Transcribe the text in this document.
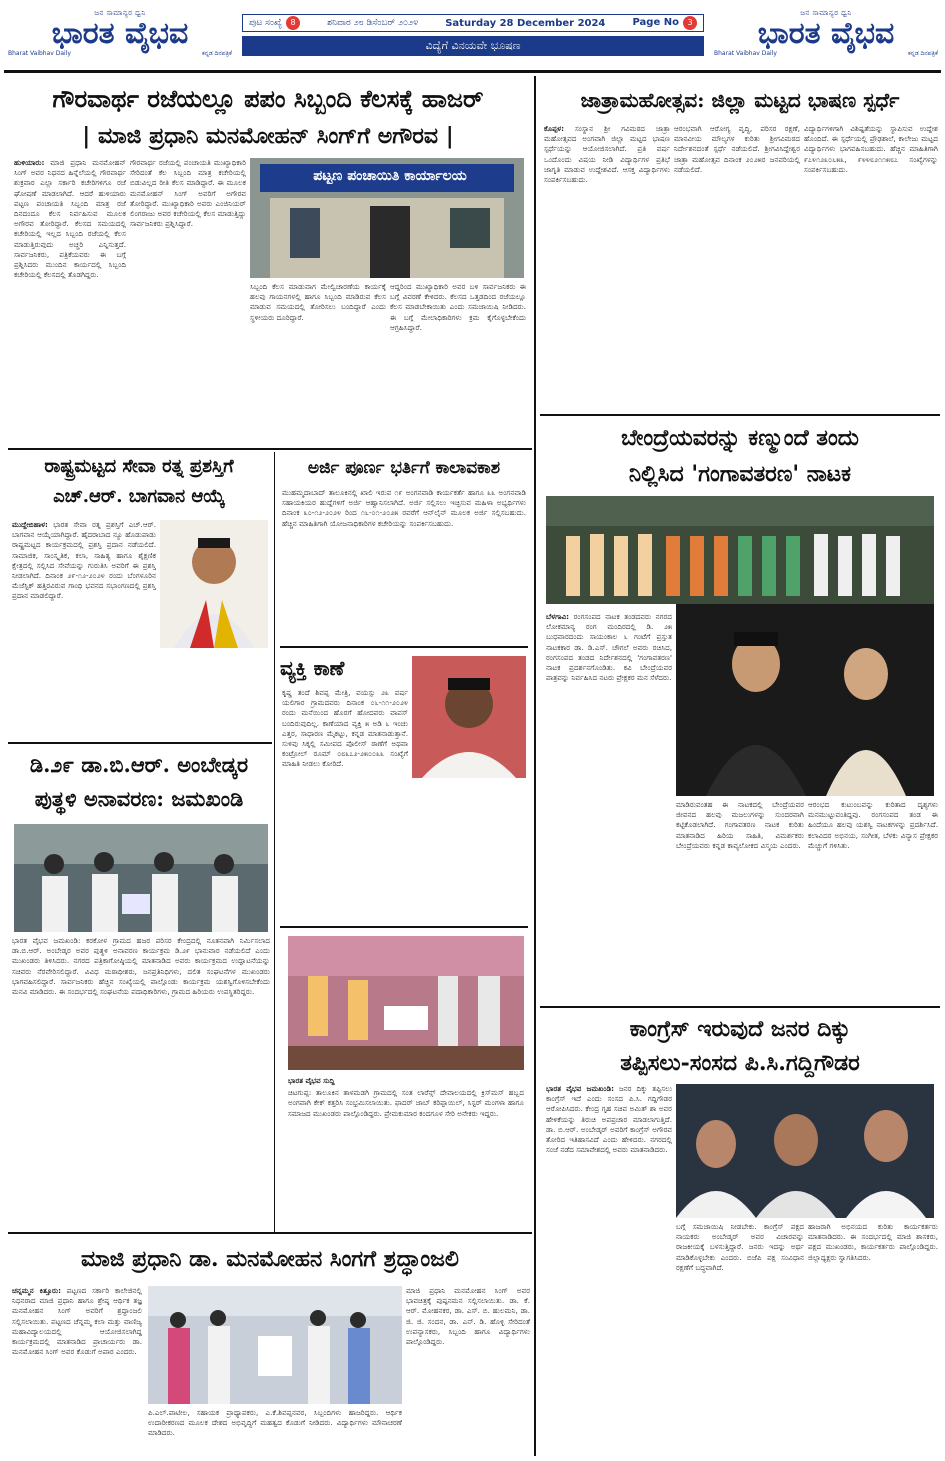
ಜನ ಸಾಮಾನ್ಯರ ಧ್ವನಿ
ಭಾರತ ವೈಭವ
Bharat Vaibhav Daily	ಕನ್ನಡ ದಿನಪತ್ರಿಕೆ
ಪುಟ ಸಂಖ್ಯೆ 8	ಶನಿವಾರ ೨೮ ಡಿಸೆಂಬರ್ ೨೦೨೪	Saturday 28 December 2024	Page No 3
ವಿದ್ಯೆಗೆ ವಿನಯವೇ ಭೂಷಣ
ಜನ ಸಾಮಾನ್ಯರ ಧ್ವನಿ
ಭಾರತ ವೈಭವ
Bharat Vaibhav Daily	ಕನ್ನಡ ದಿನಪತ್ರಿಕೆ
ಗೌರವಾರ್ಥ ರಜೆಯಲ್ಲೂ ಪಪಂ ಸಿಬ್ಬಂದಿ ಕೆಲಸಕ್ಕೆ ಹಾಜರ್
| ಮಾಜಿ ಪ್ರಧಾನಿ ಮನಮೋಹನ್ ಸಿಂಗ್‌ಗೆ ಅಗೌರವ |

ಹುಳಿಯಾರು: ಮಾಜಿ ಪ್ರಧಾನಿ ಮನಮೋಹನ್ ಸಿಂಗ್ ಅವರ ನಿಧನದ ಹಿನ್ನೆಲೆಯಲ್ಲಿ ಗೌರವಾರ್ಥ ಶುಕ್ರವಾರ ಎಲ್ಲಾ ಸರ್ಕಾರಿ ಕಚೇರಿಗಳಿಗೂ ರಜೆ ಘೋಷಣೆ ಮಾಡಲಾಗಿದೆ. ಆದರೆ ಹುಳಿಯಾರು ಪಟ್ಟಣ ಪಂಚಾಯತಿ ಸಿಬ್ಬಂದಿ ಮಾತ್ರ ರಜೆ ದಿನದಂದೂ ಕೆಲಸ ನಿರ್ವಹಿಸುವ ಮೂಲಕ ಅಗೌರವ ತೋರಿದ್ದಾರೆ. ಕೆಲಸದ ಸಮಯದಲ್ಲಿ ಕಚೇರಿಯಲ್ಲಿ ಇಲ್ಲದ ಸಿಬ್ಬಂದಿ ರಜೆಯಲ್ಲಿ ಕೆಲಸ ಮಾಡುತ್ತಿರುವುದು ಅಚ್ಚರಿ ಎನ್ನಿಸುತ್ತದೆ. ಸಾರ್ವಜನಿಕರು, ಪತ್ರಿಕೆಯವರು ಈ ಬಗ್ಗೆ ಪ್ರಶ್ನಿಸಿದರು ಮುಂದಿನ ಕಾರ್ಯದಲ್ಲಿ ಸಿಬ್ಬಂದಿ ಕಚೇರಿಯಲ್ಲಿ ಕೆಲಸದಲ್ಲಿ ತೊಡಗಿದ್ದರು.

ಗೌರವಾರ್ಥ ರಜೆಯಲ್ಲಿ ಪಂಚಾಯತಿ ಮುಖ್ಯಾಧಿಕಾರಿ ಸೇರಿದಂತೆ ಕೆಲ ಸಿಬ್ಬಂದಿ ಮಾತ್ರ ಕಚೇರಿಯಲ್ಲಿ ಬಿಡುವಿಲ್ಲದ ರೀತಿ ಕೆಲಸ ಮಾಡಿದ್ದಾರೆ. ಈ ಮೂಲಕ ಮನಮೋಹನ್ ಸಿಂಗ್ ಅವರಿಗೆ ಅಗೌರವ ತೋರಿದ್ದಾರೆ. ಮುಖ್ಯಾಧಿಕಾರಿ ಅವರು ಎಂಜಿನಿಯರ್ ಲಿಂಗರಾಜು ಅವರ ಕಚೇರಿಯಲ್ಲಿ ಕೆಲಸ ಮಾಡುತ್ತಿದ್ದು ಸಾರ್ವಜನಿಕರು ಪ್ರಶ್ನಿಸಿದ್ದಾರೆ.

ಪಟ್ಟಣ ಪಂಚಾಯಿತಿ ಕಾರ್ಯಾಲಯ

ಸಿಬ್ಬಂದಿ ಕೆಲಸ ಮಾಡುವಾಗ ಮೇಲ್ವಿಚಾರಣೆಯ ಕಾರ್ಯಕ್ಕೆ ಹಲವು ಗಾಯನಗಳಲ್ಲಿ ಹಾಗೂ ಸಿಬ್ಬಂದಿ ಮಾಡಿರುವ ಕೆಲಸ ಮಾಡುವ ಸಮಯದಲ್ಲಿ ತೋರಿಸಲು ಬಂದಿದ್ದಾರೆ ಎಂದು ಸ್ಥಳೀಯರು ದೂರಿದ್ದಾರೆ.

ಆದ್ದರಿಂದ ಮುಖ್ಯಾಧಿಕಾರಿ ಅವರ ಬಳಿ ಸಾರ್ವಜನಿಕರು ಈ ಬಗ್ಗೆ ವಿವರಣೆ ಕೇಳಿದರು. ಕೆಲಸದ ಒತ್ತಡದಿಂದ ರಜೆಯಲ್ಲೂ ಕೆಲಸ ಮಾಡಬೇಕಾಯಿತು ಎಂದು ಸಮಜಾಯಿಷಿ ನೀಡಿದರು. ಈ ಬಗ್ಗೆ ಮೇಲಾಧಿಕಾರಿಗಳು ಕ್ರಮ ಕೈಗೊಳ್ಳಬೇಕೆಂದು ಆಗ್ರಹಿಸಿದ್ದಾರೆ.

ಜಾತ್ರಾಮಹೋತ್ಸವ: ಜಿಲ್ಲಾ ಮಟ್ಟದ ಭಾಷಣ ಸ್ಪರ್ಧೆ

ಕೊಪ್ಪಳ: ಸಂಸ್ಥಾನ ಶ್ರೀ ಗವಿಮಠದ ಜಾತ್ರಾ ಮಹೋತ್ಸವದ ಅಂಗವಾಗಿ ಜಿಲ್ಲಾ ಮಟ್ಟದ ಭಾಷಣ ಸ್ಪರ್ಧೆಯನ್ನು ಆಯೋಜಿಸಲಾಗಿದೆ. ಪ್ರತಿ ವರ್ಷ ಒಂದೊಂದು ವಿಷಯ ನೀಡಿ ವಿದ್ಯಾರ್ಥಿಗಳ ಪ್ರತಿಭೆ ಜಾಗೃತಿ ಮಾಡುವ ಉದ್ದೇಶವಿದೆ. ಆಸಕ್ತ ವಿದ್ಯಾರ್ಥಿಗಳು ಸಂಪರ್ಕಿಸಬಹುದು.

ಆರಂಭವಾಗಿ ಆರೋಗ್ಯ ವೃದ್ಧಿ, ಪರಿಸರ ರಕ್ಷಣೆ, ಮಾನವೀಯ ಮೌಲ್ಯಗಳ ಕುರಿತು ಶ್ರೀಗವಿಮಠದ ನಿರ್ದೇಶನದಂತೆ ಸ್ಪರ್ಧೆ ನಡೆಯಲಿದೆ. ಶ್ರೀಗವಿಸಿದ್ದೇಶ್ವರ ಜಾತ್ರಾ ಮಹೋತ್ಸವ ದಿನಾಂಕ ೨೦೨೫ರ ಜನವರಿಯಲ್ಲಿ ನಡೆಯಲಿದೆ.

ವಿದ್ಯಾರ್ಥಿಗಳಿಗಾಗಿ ವಿಶಿಷ್ಟತೆಯನ್ನು ಸ್ಥಾಪಿಸುವ ಉದ್ದೇಶ ಹೊಂದಿದೆ. ಈ ಸ್ಪರ್ಧೆಯಲ್ಲಿ ಪ್ರೌಢಶಾಲೆ, ಕಾಲೇಜು ಮಟ್ಟದ ವಿದ್ಯಾರ್ಥಿಗಳು ಭಾಗವಹಿಸಬಹುದು. ಹೆಚ್ಚಿನ ಮಾಹಿತಿಗಾಗಿ ೯೭೪೧೨೩೦೬೫೩, ೯೪೪೮೨೧೧೫೮೭ ಸಂಖ್ಯೆಗಳನ್ನು ಸಂಪರ್ಕಿಸಬಹುದು.

ರಾಷ್ಟ್ರಮಟ್ಟದ ಸೇವಾ ರತ್ನ ಪ್ರಶಸ್ತಿಗೆ ಎಚ್.ಆರ್. ಬಾಗವಾನ ಆಯ್ಕೆ

ಮುದ್ದೇಬಿಹಾಳ: ಭಾರತ ಸೇವಾ ರತ್ನ ಪ್ರಶಸ್ತಿಗೆ ಎಚ್.ಆರ್. ಬಾಗವಾನ ಆಯ್ಕೆಯಾಗಿದ್ದಾರೆ. ಹೈದರಾಬಾದ ನ್ಯೂ ಹೊಡುಪಾಡು ರಾಷ್ಟ್ರಮಟ್ಟದ ಕಾರ್ಯಕ್ರಮದಲ್ಲಿ ಪ್ರಶಸ್ತಿ ಪ್ರದಾನ ನಡೆಯಲಿದೆ. ಸಾಮಾಜಿಕ, ಸಾಂಸ್ಕೃತಿಕ, ಕಲಾ, ಸಾಹಿತ್ಯ ಹಾಗೂ ಶೈಕ್ಷಣಿಕ ಕ್ಷೇತ್ರದಲ್ಲಿ ಸಲ್ಲಿಸಿದ ಸೇವೆಯನ್ನು ಗುರುತಿಸಿ ಅವರಿಗೆ ಈ ಪ್ರಶಸ್ತಿ ನೀಡಲಾಗಿದೆ. ದಿನಾಂಕ ೨೯-೧೨-೨೦೨೪ ರಂದು ಬೆಂಗಳೂರಿನ ಮೆಜೆಸ್ಟಿಕ್ ಹತ್ತಿರವಿರುವ ಗಾಂಧಿ ಭವನದ ಸಭಾಂಗಣದಲ್ಲಿ ಪ್ರಶಸ್ತಿ ಪ್ರದಾನ ಮಾಡಲಿದ್ದಾರೆ.

ಅರ್ಜಿ ಪೂರ್ಣ ಭರ್ತಿಗೆ ಕಾಲಾವಕಾಶ

ಮುಹಮ್ಮದಾಬಾದ್ ತಾಲೂಕಿನಲ್ಲಿ ಖಾಲಿ ಇರುವ ೧೯ ಅಂಗನವಾಡಿ ಕಾರ್ಯಕರ್ತೆ ಹಾಗೂ ೩೩ ಅಂಗನವಾಡಿ ಸಹಾಯಕಿಯರ ಹುದ್ದೆಗಳಿಗೆ ಅರ್ಜಿ ಆಹ್ವಾನಿಸಲಾಗಿದೆ. ಅರ್ಜಿ ಸಲ್ಲಿಸಲು ಇಚ್ಛಿಸುವ ಮಹಿಳಾ ಅಭ್ಯರ್ಥಿಗಳು ದಿನಾಂಕ ೩೦-೧೨-೨೦೨೪ ರಿಂದ ೧೬-೦೧-೨೦೨೫ ರವರೆಗೆ ಆನ್‌ಲೈನ್ ಮೂಲಕ ಅರ್ಜಿ ಸಲ್ಲಿಸಬಹುದು. ಹೆಚ್ಚಿನ ಮಾಹಿತಿಗಾಗಿ ಯೋಜನಾಧಿಕಾರಿಗಳ ಕಚೇರಿಯನ್ನು ಸಂಪರ್ಕಿಸಬಹುದು.

ವ್ಯಕ್ತಿ ಕಾಣೆ

ಕೃಷ್ಣ ತಂದೆ ಶಿವಪ್ಪ ಮೇತ್ರಿ, ವಯಸ್ಸು ೨೩ ವರ್ಷ ಯಲಿಗಾರ ಗ್ರಾಮದವರು ದಿನಾಂಕ ೦೬-೧೧-೨೦೨೪ ರಂದು ಮನೆಯಿಂದ ಹೊರಗೆ ಹೋದವರು ವಾಪಸ್ ಬಂದಿರುವುದಿಲ್ಲ. ಕಾಣೆಯಾದ ವ್ಯಕ್ತಿ ೫ ಅಡಿ ೬ ಇಂಚು ಎತ್ತರ, ಸಾಧಾರಣ ಮೈಕಟ್ಟು, ಕನ್ನಡ ಮಾತನಾಡುತ್ತಾನೆ. ಸುಳಿವು ಸಿಕ್ಕಲ್ಲಿ ಸಮೀಪದ ಪೊಲೀಸ್ ಠಾಣೆಗೆ ಅಥವಾ ಕಂಟ್ರೋಲ್ ರೂಮ್ ೦೮೩೭೨-೨೫೦೦೩೩ ಸಂಖ್ಯೆಗೆ ಮಾಹಿತಿ ನೀಡಲು ಕೋರಿದೆ.

ಡಿ.೨೯ ಡಾ.ಬಿ.ಆರ್. ಅಂಬೇಡ್ಕರ
ಪುತ್ಥಳಿ ಅನಾವರಣ: ಜಮಖಂಡಿ

ಭಾರತ ವೈಭವ ಜಮಖಂಡಿ: ಕರಕೋಳ ಗ್ರಾಮದ ಹಜರ ಪರಿಸರ ಕೇಂದ್ರದಲ್ಲಿ ನೂತನವಾಗಿ ನಿರ್ಮಿಸಲಾದ ಡಾ.ಬಿ.ಆರ್. ಅಂಬೇಡ್ಕರ ಅವರ ಪುತ್ಥಳಿ ಅನಾವರಣ ಕಾರ್ಯಕ್ರಮ ಡಿ.೨೯ ಭಾನುವಾರ ನಡೆಯಲಿದೆ ಎಂದು ಮುಖಂಡರು ತಿಳಿಸಿದರು. ನಗರದ ಪತ್ರಿಕಾಗೋಷ್ಠಿಯಲ್ಲಿ ಮಾತನಾಡಿದ ಅವರು ಕಾರ್ಯಕ್ರಮದ ಉದ್ಘಾಟನೆಯನ್ನು ಸಚಿವರು ನೆರವೇರಿಸಲಿದ್ದಾರೆ. ವಿವಿಧ ಮಠಾಧೀಶರು, ಜನಪ್ರತಿನಿಧಿಗಳು, ದಲಿತ ಸಂಘಟನೆಗಳ ಮುಖಂಡರು ಭಾಗವಹಿಸಲಿದ್ದಾರೆ. ಸಾರ್ವಜನಿಕರು ಹೆಚ್ಚಿನ ಸಂಖ್ಯೆಯಲ್ಲಿ ಪಾಲ್ಗೊಂಡು ಕಾರ್ಯಕ್ರಮ ಯಶಸ್ವಿಗೊಳಿಸಬೇಕೆಂದು ಮನವಿ ಮಾಡಿದರು. ಈ ಸಂದರ್ಭದಲ್ಲಿ ಸಂಘಟನೆಯ ಪದಾಧಿಕಾರಿಗಳು, ಗ್ರಾಮದ ಹಿರಿಯರು ಉಪಸ್ಥಿತರಿದ್ದರು.

ಭಾರತ ವೈಭವ ಸುದ್ದಿ

ಚಿಟಗುಪ್ಪ: ತಾಲೂಕಿನ ತಾಳಮಡಗಿ ಗ್ರಾಮದಲ್ಲಿ ಸಂತ ಲಾರೆನ್ಸ್ ದೇವಾಲಯದಲ್ಲಿ ಕ್ರಿಸ್‌ಮಸ್ ಹಬ್ಬದ ಅಂಗವಾಗಿ ಕೇಕ್ ಕತ್ತರಿಸಿ ಸಂಭ್ರಮಿಸಲಾಯಿತು. ಫಾದರ್ ಜಾಬ್ ಕರಿಪ್ಪಾಯಿಲ್, ಸಿಸ್ಟರ್ ಮಂಗಳಾ ಹಾಗೂ ಸಮಾಜದ ಮುಖಂಡರು ಪಾಲ್ಗೊಂಡಿದ್ದರು. ಪ್ರೇಮಕುಮಾರ ಕಂದಗೂಳ ಸೇರಿ ಅನೇಕರು ಇದ್ದರು.

ಬೇಂದ್ರೆಯವರನ್ನು ಕಣ್ಮುಂದೆ ತಂದು
ನಿಲ್ಲಿಸಿದ 'ಗಂಗಾವತರಣ' ನಾಟಕ

ಬೆಳಗಾವಿ: ರಂಗಸಂಪದ ನಾಟಕ ತಂಡದವರು ನಗರದ ಲೋಕಮಾನ್ಯ ರಂಗ ಮಂದಿರದಲ್ಲಿ ಡಿ. ೨೫ ಬುಧವಾರದಂದು ಸಾಯಂಕಾಲ ೬ ಗಂಟೆಗೆ ಪ್ರಸ್ತುತ ನಾಟಕಕಾರ ಡಾ. ಡಿ.ಎಸ್. ಚೌಗಲೆ ಅವರು ರಚಿಸಿದ, ರಂಗಸಂಪದ ತಂಡದ ನಿರ್ದೇಶನದಲ್ಲಿ 'ಗಂಗಾವತರಣ' ನಾಟಕ ಪ್ರದರ್ಶನಗೊಂಡಿತು. ಕವಿ ಬೇಂದ್ರೆಯವರ ಪಾತ್ರವನ್ನು ನಿರ್ವಹಿಸಿದ ನಟರು ಪ್ರೇಕ್ಷಕರ ಮನ ಸೆಳೆದರು.

ಮಾಡಿರುವಂತಹ ಈ ನಾಟಕದಲ್ಲಿ ಬೇಂದ್ರೆಯವರ ಜೀವನದ ಹಲವು ಮಜಲುಗಳನ್ನು ಸುಂದರವಾಗಿ ಕಟ್ಟಿಕೊಡಲಾಗಿದೆ. ಗಂಗಾವತರಣ ನಾಟಕ ಕುರಿತು ಮಾತನಾಡಿದ ಹಿರಿಯ ಸಾಹಿತಿ, ವಿಮರ್ಶಕರು ಬೇಂದ್ರೆಯವರು ಕನ್ನಡ ಕಾವ್ಯಲೋಕದ ವಿಸ್ಮಯ ಎಂದರು.

ಆರಂಭದ ಕುಟುಂಬವನ್ನು ಕುರಿತಾದ ದೃಶ್ಯಗಳು ಮನಮುಟ್ಟುವಂತಿದ್ದವು. ರಂಗಸಂಪದ ತಂಡ ಈ ಹಿಂದೆಯೂ ಹಲವು ಯಶಸ್ವಿ ನಾಟಕಗಳನ್ನು ಪ್ರದರ್ಶಿಸಿದೆ. ಕಲಾವಿದರ ಅಭಿನಯ, ಸಂಗೀತ, ಬೆಳಕು ವಿನ್ಯಾಸ ಪ್ರೇಕ್ಷಕರ ಮೆಚ್ಚುಗೆ ಗಳಿಸಿತು.

ಕಾಂಗ್ರೆಸ್ ಇರುವುದೆ ಜನರ ದಿಕ್ಕು
ತಪ್ಪಿಸಲು-ಸಂಸದ ಪಿ.ಸಿ.ಗದ್ದಿಗೌಡರ

ಭಾರತ ವೈಭವ ಜಮಖಂಡಿ: ಜನರ ದಿಕ್ಕು ತಪ್ಪಿಸಲು ಕಾಂಗ್ರೆಸ್ ಇದೆ ಎಂದು ಸಂಸದ ಪಿ.ಸಿ. ಗದ್ದಿಗೌಡರ ಆರೋಪಿಸಿದರು. ಕೇಂದ್ರ ಗೃಹ ಸಚಿವ ಅಮಿತ್ ಶಾ ಅವರ ಹೇಳಿಕೆಯನ್ನು ತಿರುಚಿ ಅಪಪ್ರಚಾರ ಮಾಡಲಾಗುತ್ತಿದೆ. ಡಾ. ಬಿ.ಆರ್. ಅಂಬೇಡ್ಕರ್ ಅವರಿಗೆ ಕಾಂಗ್ರೆಸ್ ಅಗೌರವ ತೋರಿದ ಇತಿಹಾಸವಿದೆ ಎಂದು ಹೇಳಿದರು. ನಗರದಲ್ಲಿ ಸಂಜೆ ನಡೆದ ಸಮಾವೇಶದಲ್ಲಿ ಅವರು ಮಾತನಾಡಿದರು.

ಬಗ್ಗೆ ಸಮಜಾಯಿಷಿ ನೀಡಬೇಕು. ಕಾಂಗ್ರೆಸ್ ಪಕ್ಷದ ನಾಯಕರು ಅಂಬೇಡ್ಕರ್ ಅವರ ವಿಚಾರವನ್ನು ರಾಜಕೀಯಕ್ಕೆ ಬಳಸುತ್ತಿದ್ದಾರೆ. ಜನರು ಇದನ್ನು ಅರ್ಥ ಮಾಡಿಕೊಳ್ಳಬೇಕು ಎಂದರು. ಬಿಜೆಪಿ ಪಕ್ಷ ಸಂವಿಧಾನ ರಕ್ಷಣೆಗೆ ಬದ್ಧವಾಗಿದೆ.

ಹಾಜರಾಗಿ ಅಭಿನಯದ ಕುರಿತು ಕಾರ್ಯಕರ್ತರು ಮಾತನಾಡಿದರು. ಈ ಸಂದರ್ಭದಲ್ಲಿ ಮಾಜಿ ಶಾಸಕರು, ಪಕ್ಷದ ಮುಖಂಡರು, ಕಾರ್ಯಕರ್ತರು ಪಾಲ್ಗೊಂಡಿದ್ದರು. ಜಿಲ್ಲಾಧ್ಯಕ್ಷರು ಸ್ವಾಗತಿಸಿದರು.

ಮಾಜಿ ಪ್ರಧಾನಿ ಡಾ. ಮನಮೋಹನ ಸಿಂಗಗೆ ಶ್ರದ್ಧಾಂಜಲಿ

ಚನ್ನಮ್ಮನ ಕಿತ್ತೂರು: ಪಟ್ಟಣದ ಸರ್ಕಾರಿ ಕಾಲೇಜಿನಲ್ಲಿ ನಿಧನರಾದ ಮಾಜಿ ಪ್ರಧಾನಿ ಹಾಗೂ ಶ್ರೇಷ್ಠ ಆರ್ಥಿಕ ತಜ್ಞ ಮನಮೋಹನ ಸಿಂಗ್ ಅವರಿಗೆ ಶ್ರದ್ಧಾಂಜಲಿ ಸಲ್ಲಿಸಲಾಯಿತು. ಪಟ್ಟಣದ ಚೆನ್ನಮ್ಮ ಕಲಾ ಮತ್ತು ವಾಣಿಜ್ಯ ಮಹಾವಿದ್ಯಾಲಯದಲ್ಲಿ ಆಯೋಜಿಸಲಾಗಿದ್ದ ಕಾರ್ಯಕ್ರಮದಲ್ಲಿ ಮಾತನಾಡಿದ ಪ್ರಾಚಾರ್ಯರು ಡಾ. ಮನಮೋಹನ ಸಿಂಗ್ ಅವರ ಕೊಡುಗೆ ಅಪಾರ ಎಂದರು.

ಪಿ.ಎಲ್.ಪಾಟೀಲ, ಸಹಾಯಕ ಪ್ರಾಧ್ಯಾಪಕರು, ಎ.ಕೆ.ಶಿವಪ್ಪನವರ, ಸಿಬ್ಬಂದಿಗಳು ಹಾಜರಿದ್ದರು. ಆರ್ಥಿಕ ಉದಾರೀಕರಣದ ಮೂಲಕ ದೇಶದ ಅಭಿವೃದ್ಧಿಗೆ ಮಹತ್ವದ ಕೊಡುಗೆ ನೀಡಿದರು. ವಿದ್ಯಾರ್ಥಿಗಳು ಮೌನಾಚರಣೆ ಮಾಡಿದರು.

ಮಾಜಿ ಪ್ರಧಾನಿ ಮನಮೋಹನ ಸಿಂಗ್ ಅವರ ಭಾವಚಿತ್ರಕ್ಕೆ ಪುಷ್ಪನಮನ ಸಲ್ಲಿಸಲಾಯಿತು. ಡಾ. ಕೆ. ಆರ್. ಮೋಹನಕರ, ಡಾ. ಎಸ್. ಬಿ. ಹುಲಮನಿ, ಡಾ. ಜಿ. ಜಿ. ಸಂದನ, ಡಾ. ಎನ್. ಡಿ. ಹೊಳ್ಳಿ ಸೇರಿದಂತೆ ಉಪನ್ಯಾಸಕರು, ಸಿಬ್ಬಂದಿ ಹಾಗೂ ವಿದ್ಯಾರ್ಥಿಗಳು ಪಾಲ್ಗೊಂಡಿದ್ದರು.
